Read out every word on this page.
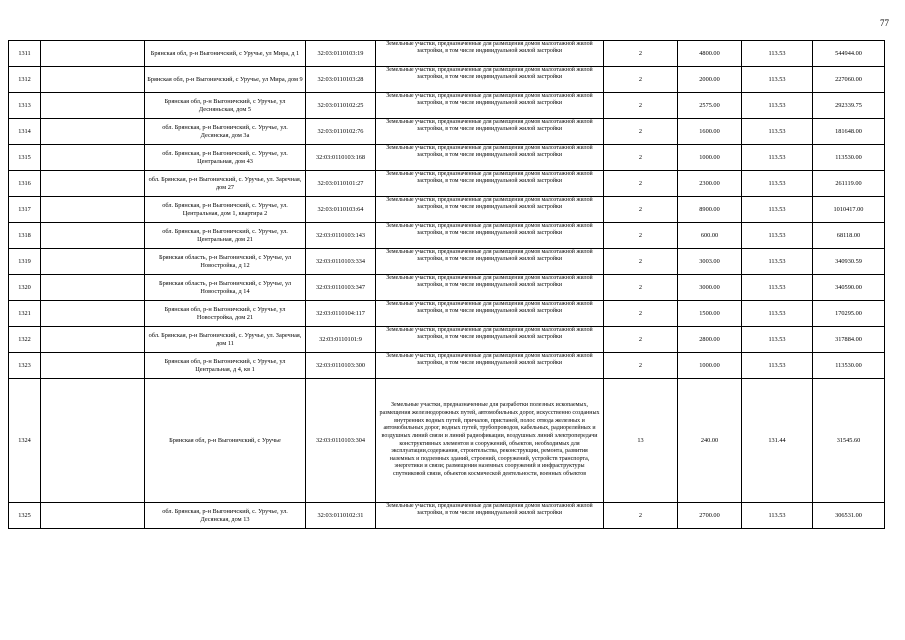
77
1311		Брянская обл, р-н Выгоничский, с Уручье, ул Мира, д 1	32:03:0110103:19	Земельные участки, предназначенные для размещения домов малоэтажной жилой застройки, в том числе индивидуальной жилой застройки	2	4800.00	113.53	544944.00
1312		Брянская обл, р-н Выгоничский, с Уручье, ул Мира, дом 9	32:03:0110103:28	Земельные участки, предназначенные для размещения домов малоэтажной жилой застройки, в том числе индивидуальной жилой застройки	2	2000.00	113.53	227060.00
1313		Брянская обл, р-н Выгоничский, с Уручье, ул Десняньская, дом 5	32:03:0110102:25	Земельные участки, предназначенные для размещения домов малоэтажной жилой застройки, в том числе индивидуальной жилой застройки	2	2575.00	113.53	292339.75
1314		обл. Брянская, р-н Выгоничский, с. Уручье, ул. Десянская, дом 3а	32:03:0110102:76	Земельные участки, предназначенные для размещения домов малоэтажной жилой застройки, в том числе индивидуальной жилой застройки	2	1600.00	113.53	181648.00
1315		обл. Брянская, р-н Выгоничский, с. Уручье, ул. Центральная, дом 43	32:03:0110103:168	Земельные участки, предназначенные для размещения домов малоэтажной жилой застройки, в том числе индивидуальной жилой застройки	2	1000.00	113.53	113530.00
1316		обл. Брянская, р-н Выгоничский, с. Уручье, ул. Заречная, дом 27	32:03:0110101:27	Земельные участки, предназначенные для размещения домов малоэтажной жилой застройки, в том числе индивидуальной жилой застройки	2	2300.00	113.53	261119.00
1317		обл. Брянская, р-н Выгоничский, с. Уручье, ул. Центральная, дом 1, квартира 2	32:03:0110103:64	Земельные участки, предназначенные для размещения домов малоэтажной жилой застройки, в том числе индивидуальной жилой застройки	2	8900.00	113.53	1010417.00
1318		обл. Брянская, р-н Выгоничский, с. Уручье, ул. Центральная, дом 21	32:03:0110103:143	Земельные участки, предназначенные для размещения домов малоэтажной жилой застройки, в том числе индивидуальной жилой застройки	2	600.00	113.53	68118.00
1319		Брянская область, р-н Выгоничский, с Уручье, ул Новостройка, д 12	32:03:0110103:334	Земельные участки, предназначенные для размещения домов малоэтажной жилой застройки, в том числе индивидуальной жилой застройки	2	3003.00	113.53	340930.59
1320		Брянская область, р-н Выгоничский, с Уручье, ул Новостройка, д 14	32:03:0110103:347	Земельные участки, предназначенные для размещения домов малоэтажной жилой застройки, в том числе индивидуальной жилой застройки	2	3000.00	113.53	340590.00
1321		Брянская обл, р-н Выгоничский, с Уручье, ул Новостройка, дом 21	32:03:0110104:117	Земельные участки, предназначенные для размещения домов малоэтажной жилой застройки, в том числе индивидуальной жилой застройки	2	1500.00	113.53	170295.00
1322		обл. Брянская, р-н Выгоничский, с. Уручье, ул. Заречная, дом 11	32:03:0110101:9	Земельные участки, предназначенные для размещения домов малоэтажной жилой застройки, в том числе индивидуальной жилой застройки	2	2800.00	113.53	317884.00
1323		Брянская обл, р-н Выгоничский, с Уручье, ул Центральная, д 4, кв 1	32:03:0110103:300	Земельные участки, предназначенные для размещения домов малоэтажной жилой застройки, в том числе индивидуальной жилой застройки	2	1000.00	113.53	113530.00
1324		Брянская обл, р-н Выгоничский, с Уручье	32:03:0110103:304	Земельные участки, предназначенные для разработки полезных ископаемых, размещения железнодорожных путей, автомобильных дорог, искусственно созданных внутренних водных путей, причалов, пристаней, полос отвода железных и автомобильных дорог, водных путей, трубопроводов, кабельных, радиорелейных и воздушных линий связи и линий радиофикации, воздушных линий электропередачи конструктивных элементов и сооружений, объектов, необходимых для эксплуатации,содержания, строительства, реконструкции, ремонта, развития наземных и подземных зданий, строений, сооружений, устройств транспорта, энергетики и связи; размещения наземных сооружений и инфраструктуры спутниковой связи, объектов космической деятельности, военных объектов	13	240.00	131.44	31545.60
1325		обл. Брянская, р-н Выгоничский, с. Уручье, ул. Десянская, дом 13	32:03:0110102:31	Земельные участки, предназначенные для размещения домов малоэтажной жилой застройки, в том числе индивидуальной жилой застройки	2	2700.00	113.53	306531.00
